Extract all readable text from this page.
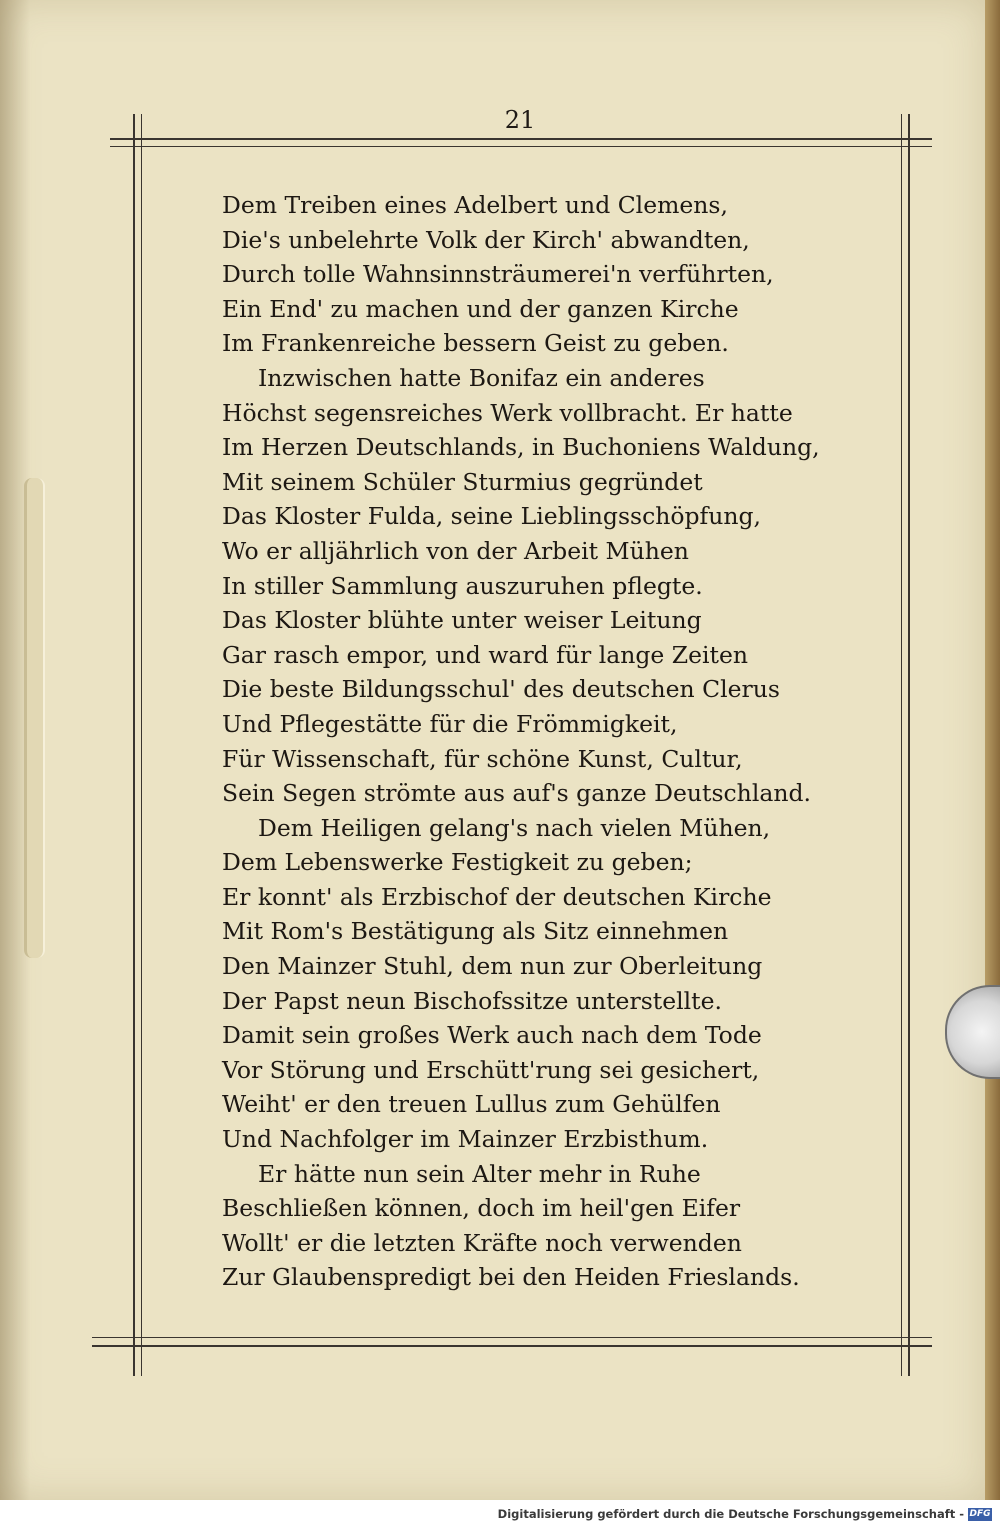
21
Dem Treiben eines Adelbert und Clemens,
Die's unbelehrte Volk der Kirch' abwandten,
Durch tolle Wahnsinnsträumerei'n verführten,
Ein End' zu machen und der ganzen Kirche
Im Frankenreiche bessern Geist zu geben.
Inzwischen hatte Bonifaz ein anderes
Höchst segensreiches Werk vollbracht. Er hatte
Im Herzen Deutschlands, in Buchoniens Waldung,
Mit seinem Schüler Sturmius gegründet
Das Kloster Fulda, seine Lieblingsschöpfung,
Wo er alljährlich von der Arbeit Mühen
In stiller Sammlung auszuruhen pflegte.
Das Kloster blühte unter weiser Leitung
Gar rasch empor, und ward für lange Zeiten
Die beste Bildungsschul' des deutschen Clerus
Und Pflegestätte für die Frömmigkeit,
Für Wissenschaft, für schöne Kunst, Cultur,
Sein Segen strömte aus auf's ganze Deutschland.
Dem Heiligen gelang's nach vielen Mühen,
Dem Lebenswerke Festigkeit zu geben;
Er konnt' als Erzbischof der deutschen Kirche
Mit Rom's Bestätigung als Sitz einnehmen
Den Mainzer Stuhl, dem nun zur Oberleitung
Der Papst neun Bischofssitze unterstellte.
Damit sein großes Werk auch nach dem Tode
Vor Störung und Erschütt'rung sei gesichert,
Weiht' er den treuen Lullus zum Gehülfen
Und Nachfolger im Mainzer Erzbisthum.
Er hätte nun sein Alter mehr in Ruhe
Beschließen können, doch im heil'gen Eifer
Wollt' er die letzten Kräfte noch verwenden
Zur Glaubenspredigt bei den Heiden Frieslands.
Digitalisierung gefördert durch die Deutsche Forschungsgemeinschaft - DFG
